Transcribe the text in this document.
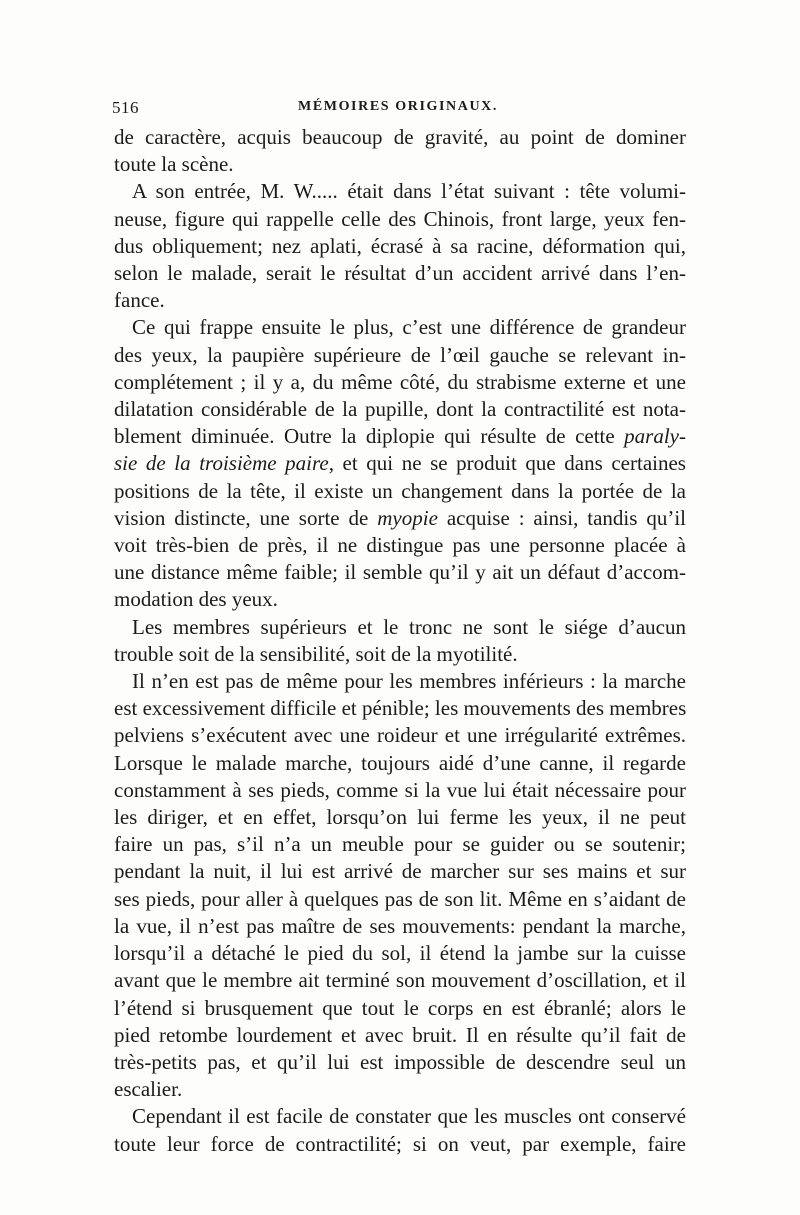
516	MÉMOIRES ORIGINAUX.

de caractère, acquis beaucoup de gravité, au point de dominer
toute la scène.

A son entrée, M. W..... était dans l’état suivant : tête volumi-
neuse, figure qui rappelle celle des Chinois, front large, yeux fen-
dus obliquement; nez aplati, écrasé à sa racine, déformation qui,
selon le malade, serait le résultat d’un accident arrivé dans l’en-
fance.

Ce qui frappe ensuite le plus, c’est une différence de grandeur
des yeux, la paupière supérieure de l’œil gauche se relevant in-
complétement ; il y a, du même côté, du strabisme externe et une
dilatation considérable de la pupille, dont la contractilité est nota-
blement diminuée. Outre la diplopie qui résulte de cette paraly-
sie de la troisième paire, et qui ne se produit que dans certaines
positions de la tête, il existe un changement dans la portée de la
vision distincte, une sorte de myopie acquise : ainsi, tandis qu’il
voit très-bien de près, il ne distingue pas une personne placée à
une distance même faible; il semble qu’il y ait un défaut d’accom-
modation des yeux.

Les membres supérieurs et le tronc ne sont le siége d’aucun
trouble soit de la sensibilité, soit de la myotilité.

Il n’en est pas de même pour les membres inférieurs : la marche
est excessivement difficile et pénible; les mouvements des membres
pelviens s’exécutent avec une roideur et une irrégularité extrêmes.
Lorsque le malade marche, toujours aidé d’une canne, il regarde
constamment à ses pieds, comme si la vue lui était nécessaire pour
les diriger, et en effet, lorsqu’on lui ferme les yeux, il ne peut
faire un pas, s’il n’a un meuble pour se guider ou se soutenir;
pendant la nuit, il lui est arrivé de marcher sur ses mains et sur
ses pieds, pour aller à quelques pas de son lit. Même en s’aidant de
la vue, il n’est pas maître de ses mouvements: pendant la marche,
lorsqu’il a détaché le pied du sol, il étend la jambe sur la cuisse
avant que le membre ait terminé son mouvement d’oscillation, et il
l’étend si brusquement que tout le corps en est ébranlé; alors le
pied retombe lourdement et avec bruit. Il en résulte qu’il fait de
très-petits pas, et qu’il lui est impossible de descendre seul un
escalier.

Cependant il est facile de constater que les muscles ont conservé
toute leur force de contractilité; si on veut, par exemple, faire
